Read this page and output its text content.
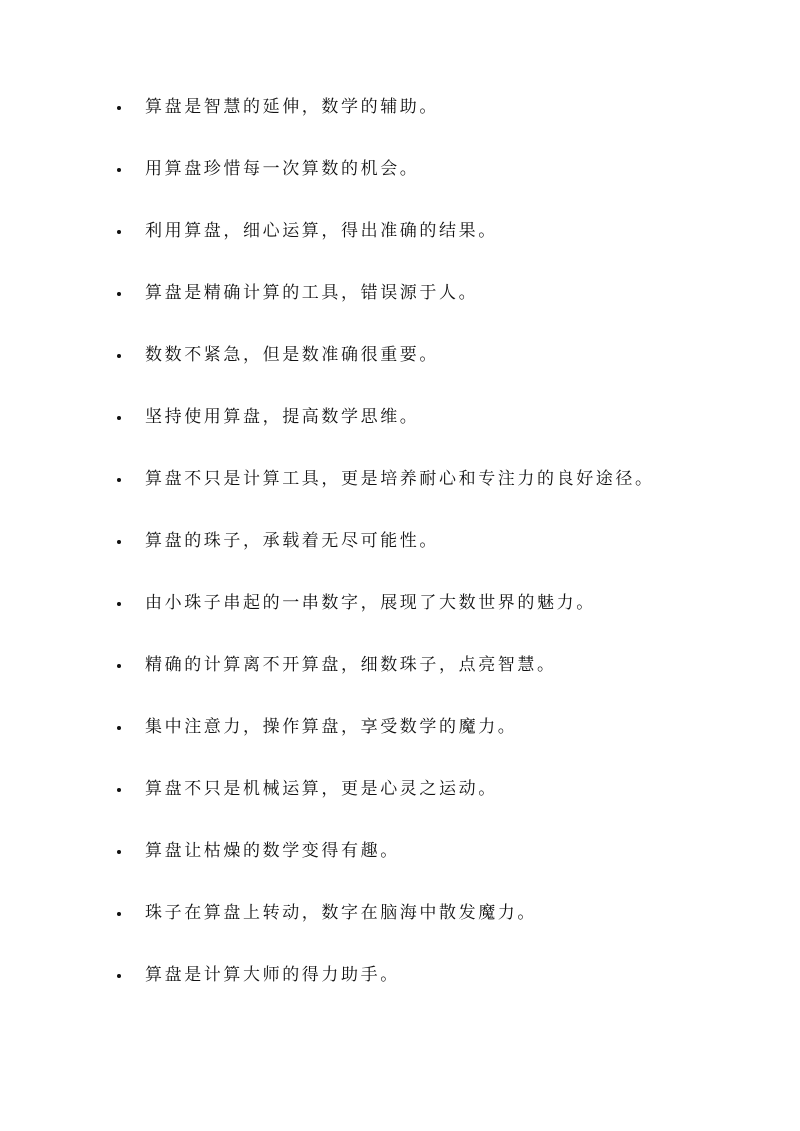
算盘是智慧的延伸，数学的辅助。
用算盘珍惜每一次算数的机会。
利用算盘，细心运算，得出准确的结果。
算盘是精确计算的工具，错误源于人。
数数不紧急，但是数准确很重要。
坚持使用算盘，提高数学思维。
算盘不只是计算工具，更是培养耐心和专注力的良好途径。
算盘的珠子，承载着无尽可能性。
由小珠子串起的一串数字，展现了大数世界的魅力。
精确的计算离不开算盘，细数珠子，点亮智慧。
集中注意力，操作算盘，享受数学的魔力。
算盘不只是机械运算，更是心灵之运动。
算盘让枯燥的数学变得有趣。
珠子在算盘上转动，数字在脑海中散发魔力。
算盘是计算大师的得力助手。
